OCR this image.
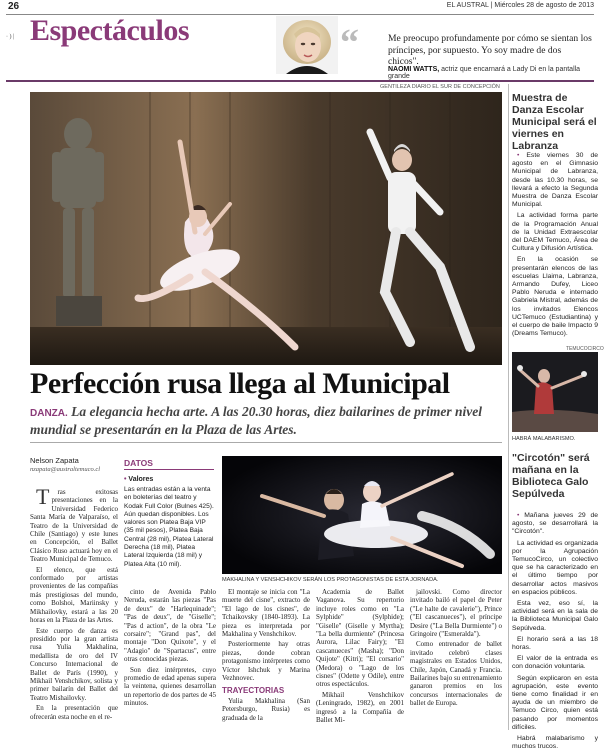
26	EL AUSTRAL | Miércoles 28 de agosto de 2013
· ) | Espectáculos	“	Me preocupo profundamente por cómo se sientan los príncipes, por supuesto. Yo soy madre de dos chicos".
NAOMI WATTS, actriz que encarnará a Lady Di en la pantalla grande
GENTILEZA DIARIO EL SUR DE CONCEPCIÓN
Perfección rusa llega al Municipal
DANZA. La elegancia hecha arte. A las 20.30 horas, diez bailarines de primer nivel mundial se presentarán en la Plaza de las Artes.
Nelson Zapata
nzapata@australtemuco.cl

Tras exitosas presentaciones en la Universidad Federico Santa María de Valparaíso, el Teatro de la Universidad de Chile (Santiago) y este lunes en Concepción, el Ballet Clásico Ruso actuará hoy en el Teatro Municipal de Temuco.

El elenco, que está conformado por artistas provenientes de las compañías más prestigiosas del mundo, como Bolshoi, Mariinsky y Mikhailovky, estará a las 20 horas en la Plaza de las Artes.

Este cuerpo de danza es presidido por la gran artista rusa Yulia Makhalina, medallista de oro del IV Concurso Internacional de Ballet de París (1990), y Mikhail Venshchikov, solista y primer bailarín del Ballet del Teatro Mishailovky.

En la presentación que ofrecerán esta noche en el re-

DATOS
• Valores
Las entradas están a la venta en boleterías del teatro y Kodak Full Color (Bulnes 425). Aún quedan disponibles. Los valores son Platea Baja VIP (35 mil pesos), Platea Baja Central (28 mil), Platea Lateral Derecha (18 mil), Platea Lateral Izquierda (18 mil) y Platea Alta (10 mil).
MAKHALINA Y VENSHCHIKOV SERÁN LOS PROTAGONISTAS DE ESTA JORNADA.

cinto de Avenida Pablo Neruda, estarán las piezas "Pas de deux" de "Harlequinade"; "Pas de deux", de "Giselle"; "Pas d action", de la obra "Le corsaire"; "Grand pas", del montaje "Don Quixote", y el "Adagio" de "Spartacus", entre otras conocidas piezas.

Son diez intérpretes, cuyo promedio de edad apenas supera la veintena, quienes desarrollan un repertorio de dos partes de 45 minutos.

El montaje se inicia con "La muerte del cisne", extracto de "El lago de los cisnes", de Tchaikovsky (1840-1893). La pieza es interpretada por Makhalina y Venshchikov.

Posteriormente hay otras piezas, donde cobran protagonismo intérpretes como Víctor Ishchuk y Marina Vezhnovec.

TRAYECTORIAS

Yulia Makhalina (San Petersburgo, Rusia) es graduada de la

Academia de Ballet Vaganova. Su repertorio incluye roles como en "La Sylphide" (Sylphide); "Giselle" (Giselle y Myrtha); "La bella durmiente" (Princesa Aurora, Lilac Fairy); "El cascanueces" (Masha); "Don Quijote" (Kitri); "El corsario" (Medora) o "Lago de los cisnes" (Odette y Odile), entre otros espectáculos.

Mikhail Venshchikov (Leningrado, 1982), en 2001 ingresó a la Compañía de Ballet Mi-

jailovski. Como director invitado bailó el papel de Peter ("Le halte de cavalerie"), Prince ("El cascanueces"), el príncipe Desire ("La Bella Durmiente") o Gringoire ("Esmeralda").

Como entrenador de ballet invitado celebró clases magistrales en Estados Unidos, Chile, Japón, Canadá y Francia. Bailarines bajo su entrenamiento ganaron premios en los concursos internacionales de ballet de Europa.

Muestra de Danza Escolar Municipal será el viernes en Labranza

• Este viernes 30 de agosto en el Gimnasio Municipal de Labranza, desde las 10.30 horas, se llevará a efecto la Segunda Muestra de Danza Escolar Municipal.

La actividad forma parte de la Programación Anual de la Unidad Extraescolar del DAEM Temuco, Área de Cultura y Difusión Artística.

En la ocasión se presentarán elencos de las escuelas Llaima, Labranza, Armando Dufey, Liceo Pablo Neruda e internado Gabriela Mistral, además de los invitados Elencos UCTemuco (Estudiantina) y el cuerpo de baile Impacto 9 (Dreams Temuco).

TEMUCOCIRCO
HABRÁ MALABARISMO.
"Circotón" será mañana en la Biblioteca Galo Sepúlveda

• Mañana jueves 29 de agosto, se desarrollará la "Circotón".

La actividad es organizada por la Agrupación TemucoCirco, un colectivo que se ha caracterizado en el último tiempo por desarrollar actos masivos en espacios públicos.

Esta vez, eso sí, la actividad será en la sala de la Biblioteca Municipal Galo Sepúlveda.

El horario será a las 18 horas.

El valor de la entrada es con donación voluntaria.

Según explicaron en esta agrupación, este evento tiene como finalidad ir en ayuda de un miembro de Temuco Circo, quien está pasando por momentos difíciles.

Habrá malabarismo y muchos trucos.
